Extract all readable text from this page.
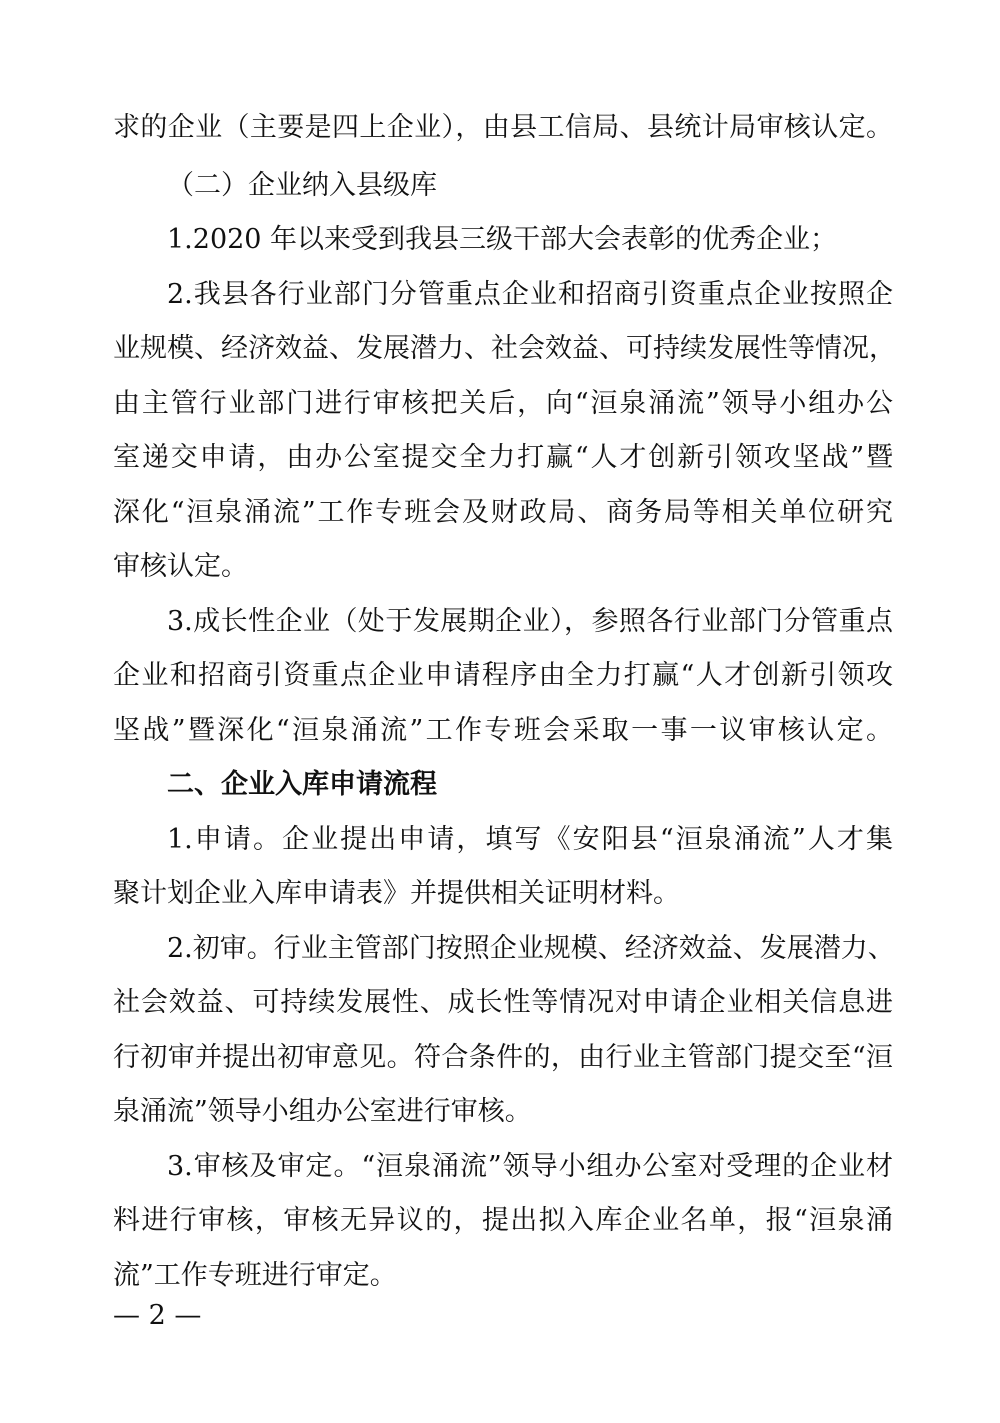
求的企业（主要是四上企业），由县工信局、县统计局审核认定。
（二）企业纳入县级库
1.2020 年以来受到我县三级干部大会表彰的优秀企业；
2.我县各行业部门分管重点企业和招商引资重点企业按照企
业规模、经济效益、发展潜力、社会效益、可持续发展性等情况，
由主管行业部门进行审核把关后，向“洹泉涌流”领导小组办公
室递交申请，由办公室提交全力打赢“人才创新引领攻坚战”暨
深化“洹泉涌流”工作专班会及财政局、商务局等相关单位研究
审核认定。
3.成长性企业（处于发展期企业），参照各行业部门分管重点
企业和招商引资重点企业申请程序由全力打赢“人才创新引领攻
坚战”暨深化“洹泉涌流”工作专班会采取一事一议审核认定。
二、企业入库申请流程
1.申请。企业提出申请，填写《安阳县“洹泉涌流”人才集
聚计划企业入库申请表》并提供相关证明材料。
2.初审。行业主管部门按照企业规模、经济效益、发展潜力、
社会效益、可持续发展性、成长性等情况对申请企业相关信息进
行初审并提出初审意见。符合条件的，由行业主管部门提交至“洹
泉涌流”领导小组办公室进行审核。
3.审核及审定。“洹泉涌流”领导小组办公室对受理的企业材
料进行审核，审核无异议的，提出拟入库企业名单，报“洹泉涌
流”工作专班进行审定。
— 2 —
